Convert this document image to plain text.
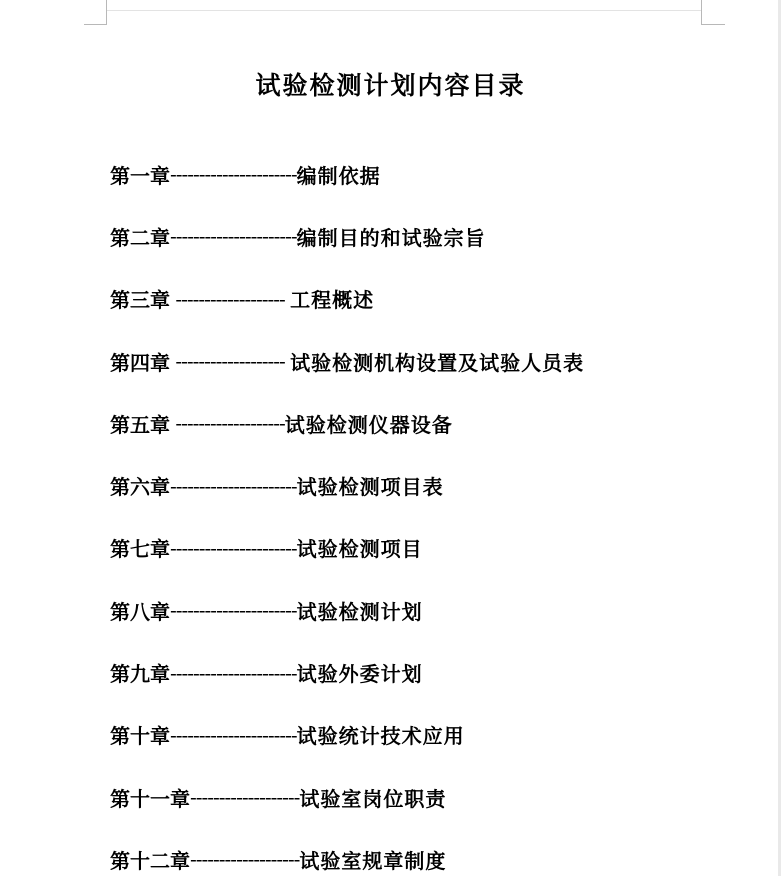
试验检测计划内容目录
第一章 ---------------------- 编制依据
第二章 ---------------------- 编制目的和试验宗旨
第三章 ------------------- 工程概述
第四章 ------------------- 试验检测机构设置及试验人员表
第五章 ------------------- 试验检测仪器设备
第六章 ---------------------- 试验检测项目表
第七章 ---------------------- 试验检测项目
第八章 ---------------------- 试验检测计划
第九章 ---------------------- 试验外委计划
第十章 ---------------------- 试验统计技术应用
第十一章 ------------------- 试验室岗位职责
第十二章 ------------------- 试验室规章制度
